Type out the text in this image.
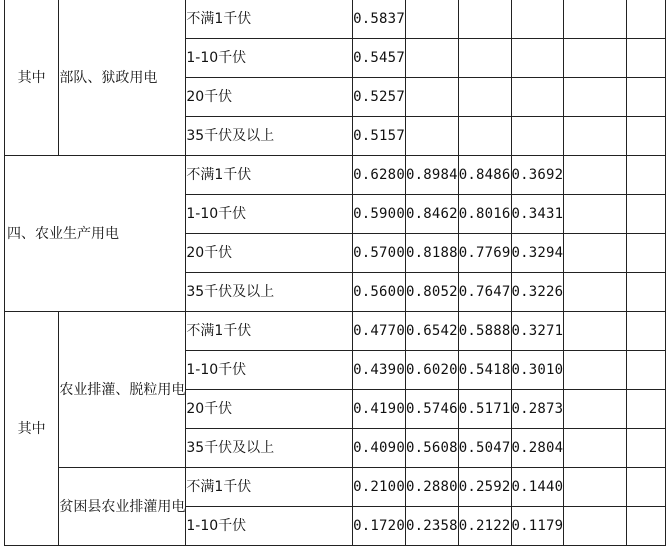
其中	部队、狱政用电	不满1千伏	0.5837					
		1-10千伏	0.5457					
		20千伏	0.5257					
		35千伏及以上	0.5157					
四、农业生产用电		不满1千伏	0.6280	0.8984	0.8486	0.3692		
		1-10千伏	0.5900	0.8462	0.8016	0.3431		
		20千伏	0.5700	0.8188	0.7769	0.3294		
		35千伏及以上	0.5600	0.8052	0.7647	0.3226		
其中	农业排灌、脱粒用电	不满1千伏	0.4770	0.6542	0.5888	0.3271		
		1-10千伏	0.4390	0.6020	0.5418	0.3010		
		20千伏	0.4190	0.5746	0.5171	0.2873		
		35千伏及以上	0.4090	0.5608	0.5047	0.2804		
	贫困县农业排灌用电	不满1千伏	0.2100	0.2880	0.2592	0.1440		
		1-10千伏	0.1720	0.2358	0.2122	0.1179		
